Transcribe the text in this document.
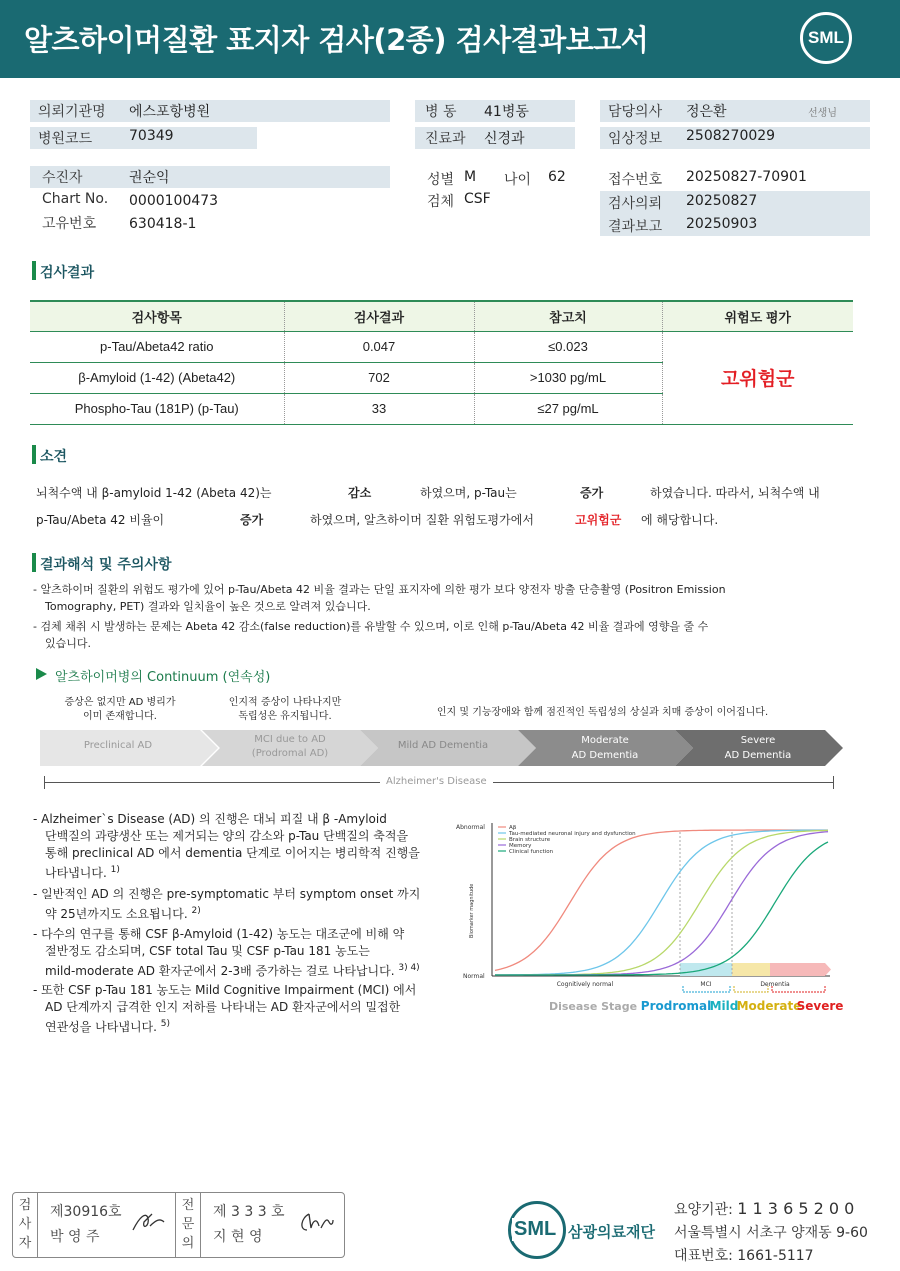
알츠하이머질환 표지자 검사(2종) 검사결과보고서	SML
의뢰기관명 에스포항병원
병원코드	70349
병 동 41병동
진료과 신경과
담당의사 정은환	선생님
임상정보 2508270029
수진자	권순익
Chart No. 0000100473
고유번호 630418-1
성별 M 나이 62
검체 CSF
접수번호 20250827-70901
검사의뢰 20250827
결과보고 20250903
검사결과
검사항목	검사결과	참고치	위험도 평가
p-Tau/Abeta42 ratio	0.047	≤0.023	고위험군
β-Amyloid (1-42) (Abeta42)	702	>1030 pg/mL	
Phospho-Tau (181P) (p-Tau)	33	≤27 pg/mL	
소견
뇌척수액 내 β-amyloid 1-42 (Abeta 42)는	감소	하였으며, p-Tau는	증가	하였습니다. 따라서, 뇌척수액 내
p-Tau/Abeta 42 비율이	증가	하였으며, 알츠하이머 질환 위험도평가에서	고위험군 에 해당합니다.
결과해석 및 주의사항
- 알츠하이머 질환의 위험도 평가에 있어 p-Tau/Abeta 42 비율 결과는 단일 표지자에 의한 평가 보다 양전자 방출 단층촬영 (Positron Emission
Tomography, PET) 결과와 일치율이 높은 것으로 알려져 있습니다.
- 검체 채취 시 발생하는 문제는 Abeta 42 감소(false reduction)를 유발할 수 있으며, 이로 인해 p-Tau/Abeta 42 비율 결과에 영향을 줄 수
있습니다.
알츠하이머병의 Continuum (연속성)
증상은 없지만 AD 병리가
이미 존재합니다.
인지적 증상이 나타나지만
독립성은 유지됩니다.	인지 및 기능장애와 함께 점진적인 독립성의 상실과 치매 증상이 이어집니다.
Preclinical AD
MCI due to AD
(Prodromal AD)
Mild AD Dementia	Moderate
AD Dementia
Severe
AD Dementia
Alzheimer's Disease
- Alzheimer`s Disease (AD) 의 진행은 대뇌 피질 내 β -Amyloid
단백질의 과량생산 또는 제거되는 양의 감소와 p-Tau 단백질의 축적을
통해 preclinical AD 에서 dementia 단계로 이어지는 병리학적 진행을
나타냅니다. $^{1)}$
- 일반적인 AD 의 진행은 pre-symptomatic 부터 symptom onset 까지
약 25년까지도 소요됩니다. $^{2)}$
- 다수의 연구를 통해 CSF β-Amyloid (1-42) 농도는 대조군에 비해 약
절반정도 감소되며, CSF total Tau 및 CSF p-Tau 181 농도는
mild-moderate AD 환자군에서 2-3배 증가하는 걸로 나타납니다. $^{3) 4)}$
- 또한 CSF p-Tau 181 농도는 Mild Cognitive Impairment (MCI) 에서
AD 단계까지 급격한 인지 저하를 나타내는 AD 환자군에서의 밀접한
연관성을 나타냅니다. $^{5)}$
Aβ
Tau-mediated neuronal injury and dysfunction
Brain structure
Memory
Clinical function
Abnormal
Normal
Biomarker magnitude
Cognitively normal	MCI	Dementia
Disease Stage Prodromal
Mild
Moderate
Severe
검
사
자
제30916호
박 영 주
전
문
의
제 3 3 3 호
지 현 영	SML 삼광의료재단
요양기관: 1 1 3 6 5 2 0 0
서울특별시 서초구 양재동 9-60
대표번호: 1661-5117
